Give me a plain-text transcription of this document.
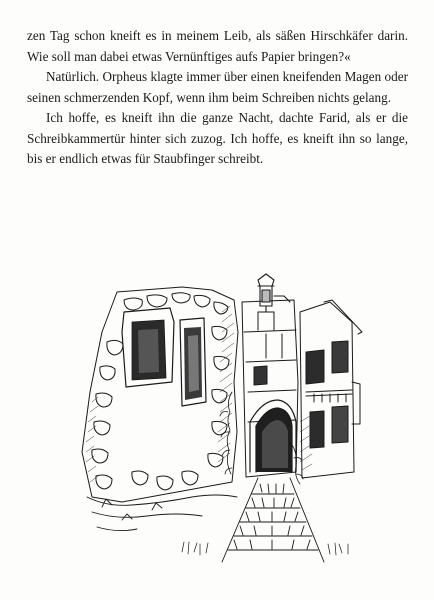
zen Tag schon kneift es in meinem Leib, als säßen Hirschkäfer darin. Wie soll man dabei etwas Vernünftiges aufs Papier bringen?«

Natürlich. Orpheus klagte immer über einen kneifenden Magen oder seinen schmerzenden Kopf, wenn ihm beim Schreiben nichts gelang.

Ich hoffe, es kneift ihn die ganze Nacht, dachte Farid, als er die Schreibkammertür hinter sich zuzog. Ich hoffe, es kneift ihn so lange, bis er endlich etwas für Staubfinger schreibt.
